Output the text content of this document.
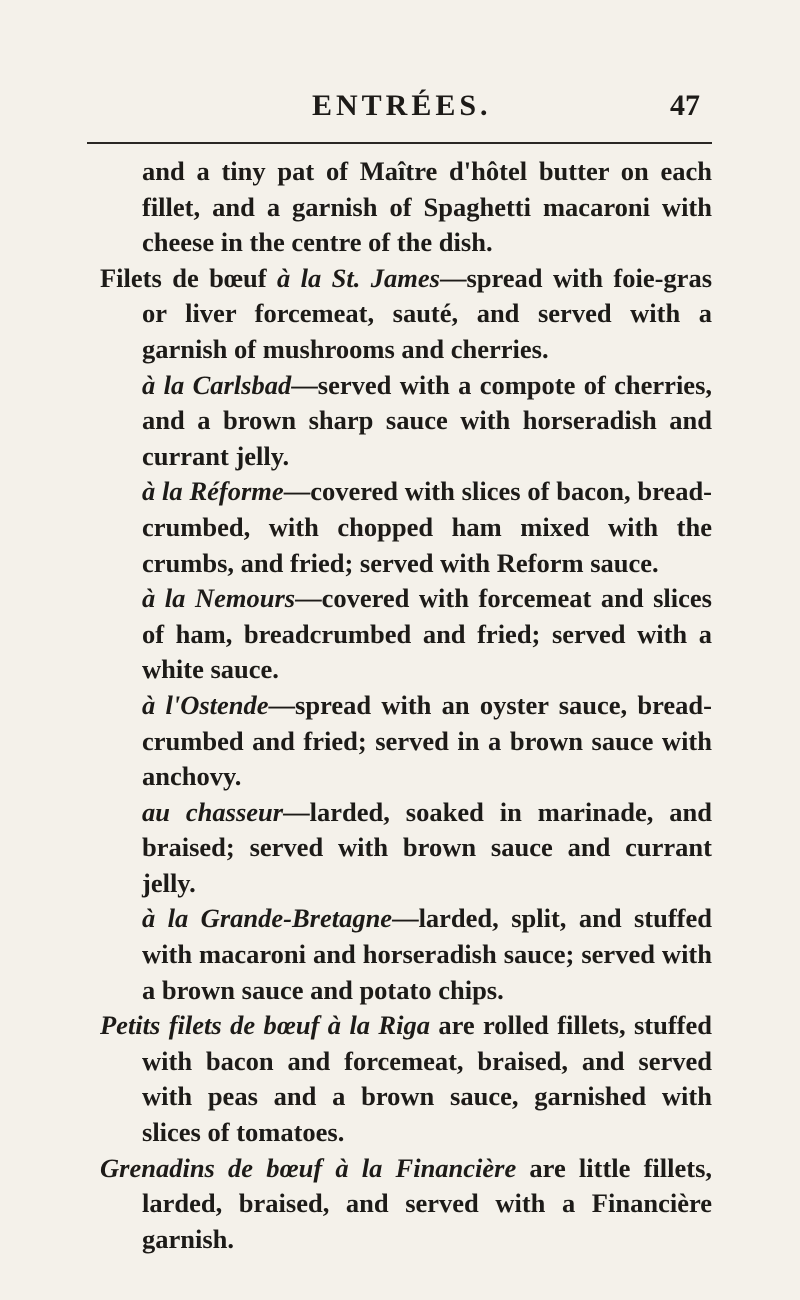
ENTRÉES.	47

and a tiny pat of Maître d'hôtel butter on each fillet, and a garnish of Spaghetti macaroni with cheese in the centre of the dish.

Filets de bœuf à la St. James—spread with foie-gras or liver forcemeat, sauté, and served with a garnish of mushrooms and cherries.

à la Carlsbad—served with a compote of cherries, and a brown sharp sauce with horseradish and currant jelly.

à la Réforme—covered with slices of bacon, bread-crumbed, with chopped ham mixed with the crumbs, and fried; served with Reform sauce.

à la Nemours—covered with forcemeat and slices of ham, breadcrumbed and fried; served with a white sauce.

à l'Ostende—spread with an oyster sauce, bread-crumbed and fried; served in a brown sauce with anchovy.

au chasseur—larded, soaked in marinade, and braised; served with brown sauce and currant jelly.

à la Grande-Bretagne—larded, split, and stuffed with macaroni and horseradish sauce; served with a brown sauce and potato chips.

Petits filets de bœuf à la Riga are rolled fillets, stuffed with bacon and forcemeat, braised, and served with peas and a brown sauce, garnished with slices of tomatoes.

Grenadins de bœuf à la Financière are little fillets, larded, braised, and served with a Financière garnish.
